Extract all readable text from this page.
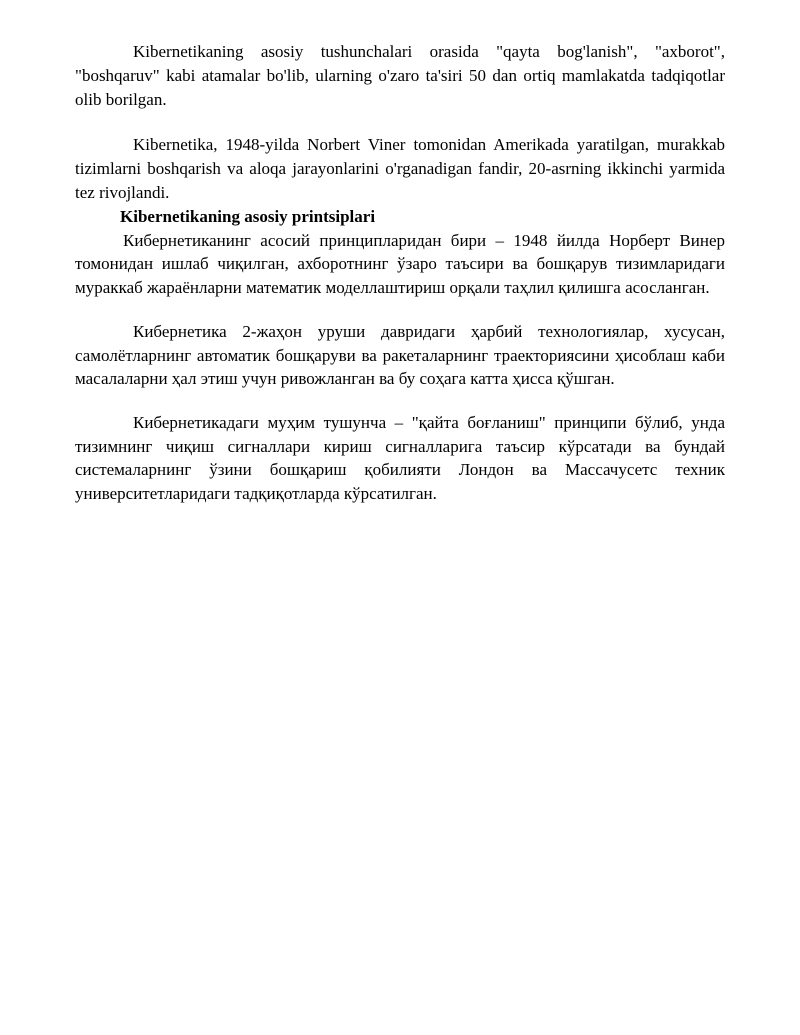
Kibernetikaning asosiy tushunchalari orasida "qayta bog'lanish", "axborot", "boshqaruv" kabi atamalar bo'lib, ularning o'zaro ta'siri 50 dan ortiq mamlakatda tadqiqotlar olib borilgan.

Kibernetika, 1948-yilda Norbert Viner tomonidan Amerikada yaratilgan, murakkab tizimlarni boshqarish va aloqa jarayonlarini o'rganadigan fandir, 20-asrning ikkinchi yarmida tez rivojlandi.

Kibernetikaning asosiy printsiplari

Кибернетиканинг асосий принципларидан бири – 1948 йилда Норберт Винер томонидан ишлаб чиқилган, ахборотнинг ўзаро таъсири ва бошқарув тизимларидаги мураккаб жараёнларни математик моделлаштириш орқали таҳлил қилишга асосланган.

Кибернетика 2-жаҳон уруши давридаги ҳарбий технологиялар, хусусан, самолётларнинг автоматик бошқаруви ва ракеталарнинг траекториясини ҳисоблаш каби масалаларни ҳал этиш учун ривожланган ва бу соҳага катта ҳисса қўшган.

Кибернетикадаги муҳим тушунча – "қайта боғланиш" принципи бўлиб, унда тизимнинг чиқиш сигналлари кириш сигналларига таъсир кўрсатади ва бундай системаларнинг ўзини бошқариш қобилияти Лондон ва Массачусетс техник университетларидаги тадқиқотларда кўрсатилган.
